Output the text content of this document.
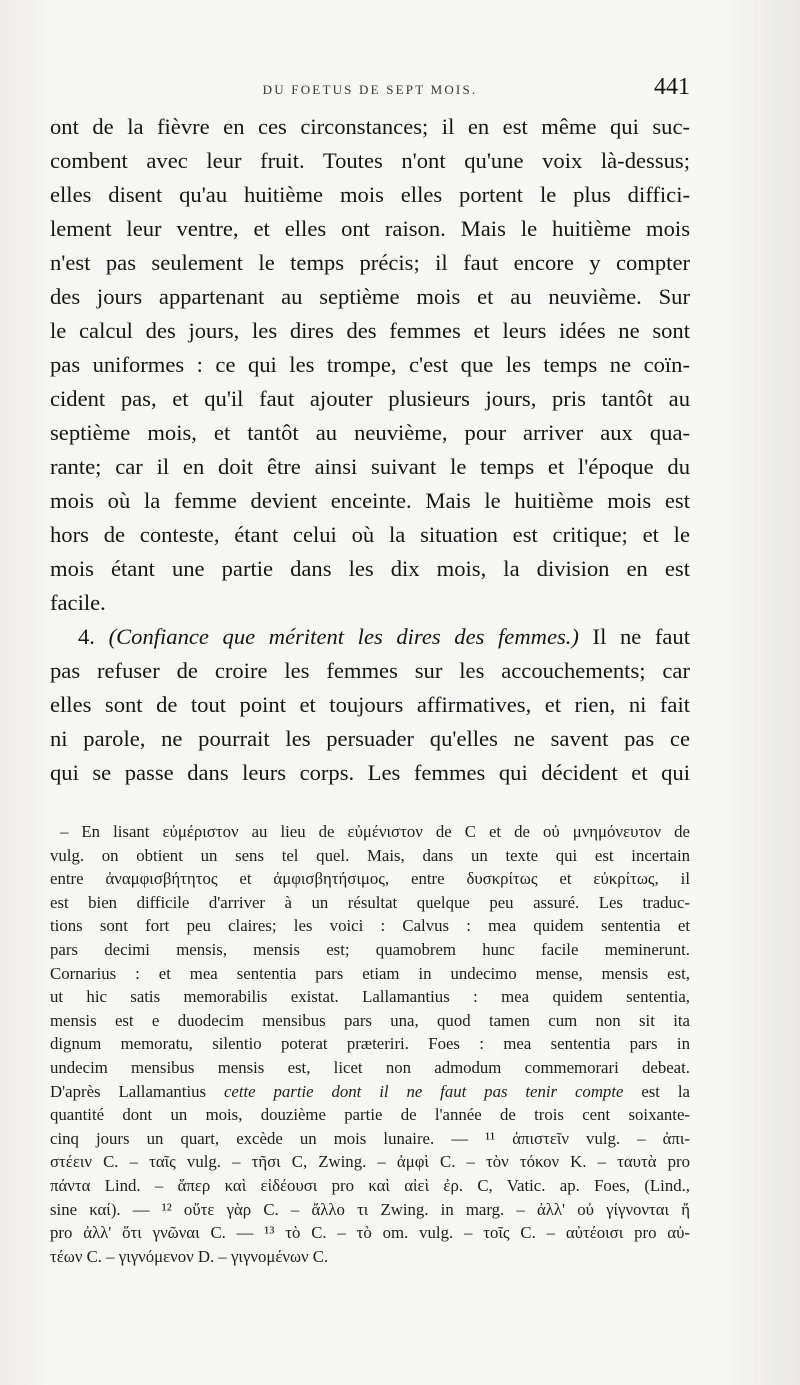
DU FOETUS DE SEPT MOIS.	441
ont de la fièvre en ces circonstances; il en est même qui suc-
combent avec leur fruit. Toutes n'ont qu'une voix là-dessus;
elles disent qu'au huitième mois elles portent le plus diffici-
lement leur ventre, et elles ont raison. Mais le huitième mois
n'est pas seulement le temps précis; il faut encore y compter
des jours appartenant au septième mois et au neuvième. Sur
le calcul des jours, les dires des femmes et leurs idées ne sont
pas uniformes : ce qui les trompe, c'est que les temps ne coïn-
cident pas, et qu'il faut ajouter plusieurs jours, pris tantôt au
septième mois, et tantôt au neuvième, pour arriver aux qua-
rante; car il en doit être ainsi suivant le temps et l'époque du
mois où la femme devient enceinte. Mais le huitième mois est
hors de conteste, étant celui où la situation est critique; et le
mois étant une partie dans les dix mois, la division en est
facile.
4. (Confiance que méritent les dires des femmes.) Il ne faut
pas refuser de croire les femmes sur les accouchements; car
elles sont de tout point et toujours affirmatives, et rien, ni fait
ni parole, ne pourrait les persuader qu'elles ne savent pas ce
qui se passe dans leurs corps. Les femmes qui décident et qui
– En lisant εὐμέριστον au lieu de εὐμένιστον de C et de οὐ μνημόνευτον de
vulg. on obtient un sens tel quel. Mais, dans un texte qui est incertain
entre ἀναμφισβήτητος et ἀμφισβητήσιμος, entre δυσκρίτως et εὐκρίτως, il
est bien difficile d'arriver à un résultat quelque peu assuré. Les traduc-
tions sont fort peu claires; les voici : Calvus : mea quidem sententia et
pars decimi mensis, mensis est; quamobrem hunc facile meminerunt.
Cornarius : et mea sententia pars etiam in undecimo mense, mensis est,
ut hic satis memorabilis existat. Lallamantius : mea quidem sententia,
mensis est e duodecim mensibus pars una, quod tamen cum non sit ita
dignum memoratu, silentio poterat præteriri. Foes : mea sententia pars in
undecim mensibus mensis est, licet non admodum commemorari debeat.
D'après Lallamantius cette partie dont il ne faut pas tenir compte est la
quantité dont un mois, douzième partie de l'année de trois cent soixante-
cinq jours un quart, excède un mois lunaire. — ¹¹ ἀπιστεῖν vulg. – ἀπι-
στέειν C. – ταῖς vulg. – τῆσι C, Zwing. – ἀμφὶ C. – τὸν τόκον K. – ταυτὰ pro
πάντα Lind. – ἅπερ καὶ εἰδέουσι pro καὶ αἰεὶ ἐρ. C, Vatic. ap. Foes, (Lind.,
sine καί). — ¹² οὔτε γὰρ C. – ἄλλο τι Zwing. in marg. – ἀλλ' οὐ γίγνονται ἤ
pro ἀλλ' ὅτι γνῶναι C. — ¹³ τὸ C. – τὸ om. vulg. – τοῖς C. – αὐτέοισι pro αὐ-
τέων C. – γιγνόμενον D. – γιγνομένων C.
